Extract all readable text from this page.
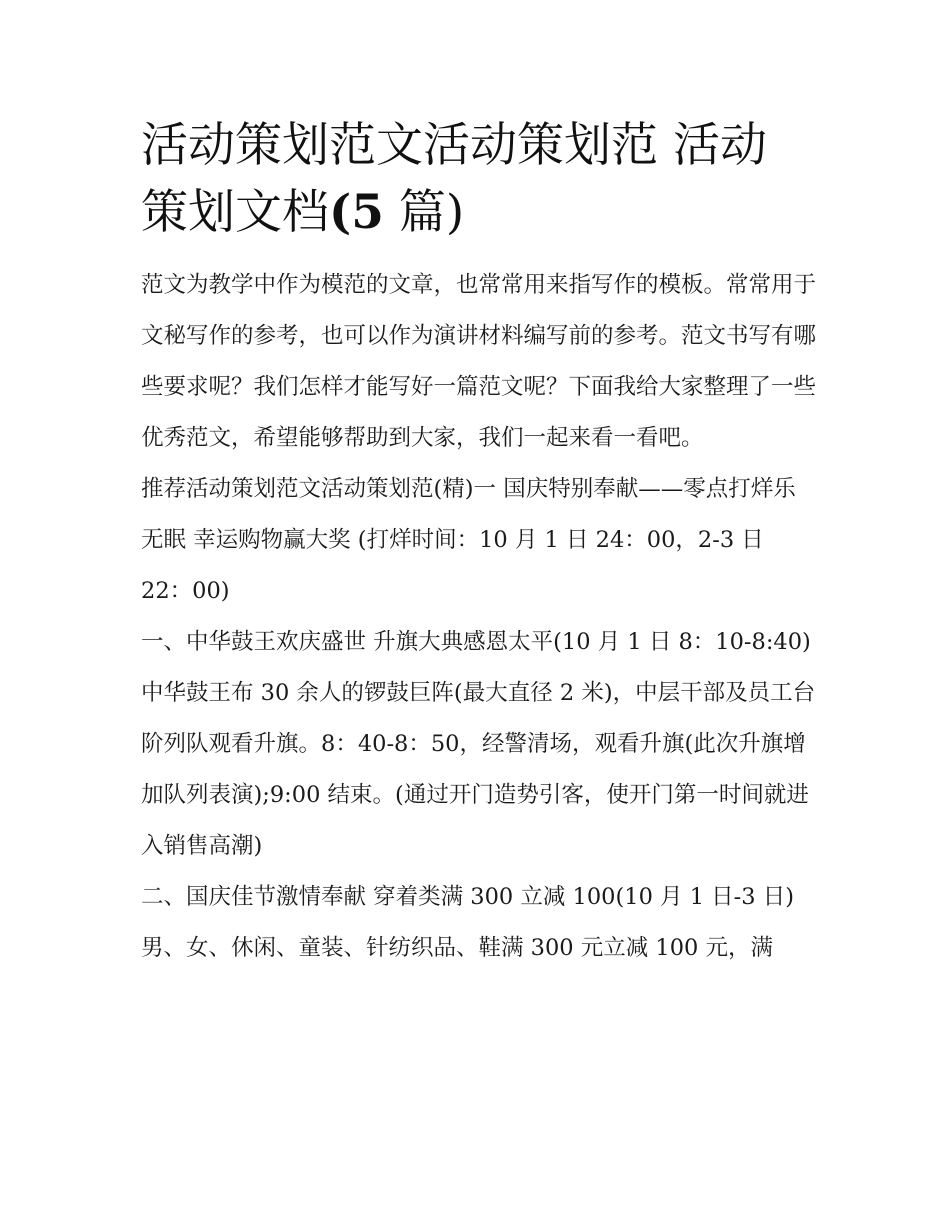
活动策划范文活动策划范 活动
策划文档(5 篇)

范文为教学中作为模范的文章，也常常用来指写作的模板。常常用于文秘写作的参考，也可以作为演讲材料编写前的参考。范文书写有哪些要求呢？我们怎样才能写好一篇范文呢？下面我给大家整理了一些优秀范文，希望能够帮助到大家，我们一起来看一看吧。

推荐活动策划范文活动策划范(精)一 国庆特别奉献——零点打烊乐无眠 幸运购物赢大奖 (打烊时间：10 月 1 日 24：00，2-3 日 22：00)

一、中华鼓王欢庆盛世 升旗大典感恩太平(10 月 1 日 8：10-8:40)

中华鼓王布 30 余人的锣鼓巨阵(最大直径 2 米)，中层干部及员工台阶列队观看升旗。8：40-8：50，经警清场，观看升旗(此次升旗增加队列表演);9:00 结束。(通过开门造势引客，使开门第一时间就进入销售高潮)

二、国庆佳节激情奉献 穿着类满 300 立减 100(10 月 1 日-3 日)

男、女、休闲、童装、针纺织品、鞋满 300 元立减 100 元，满
